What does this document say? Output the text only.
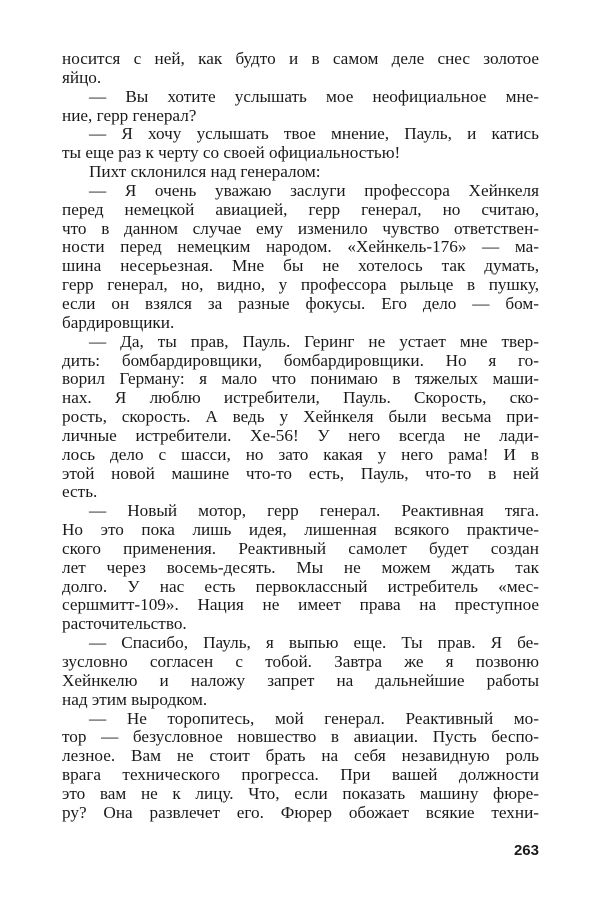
носится с ней, как будто и в самом деле снес золотое
яйцо.
— Вы хотите услышать мое неофициальное мне-
ние, герр генерал?
— Я хочу услышать твое мнение, Пауль, и катись
ты еще раз к черту со своей официальностью!
Пихт склонился над генералом:
— Я очень уважаю заслуги профессора Хейнкеля
перед немецкой авиацией, герр генерал, но считаю,
что в данном случае ему изменило чувство ответствен-
ности перед немецким народом. «Хейнкель-176» — ма-
шина несерьезная. Мне бы не хотелось так думать,
герр генерал, но, видно, у профессора рыльце в пушку,
если он взялся за разные фокусы. Его дело — бом-
бардировщики.
— Да, ты прав, Пауль. Геринг не устает мне твер-
дить: бомбардировщики, бомбардировщики. Но я го-
ворил Герману: я мало что понимаю в тяжелых маши-
нах. Я люблю истребители, Пауль. Скорость, ско-
рость, скорость. А ведь у Хейнкеля были весьма при-
личные истребители. Хе-56! У него всегда не лади-
лось дело с шасси, но зато какая у него рама! И в
этой новой машине что-то есть, Пауль, что-то в ней
есть.
— Новый мотор, герр генерал. Реактивная тяга.
Но это пока лишь идея, лишенная всякого практиче-
ского применения. Реактивный самолет будет создан
лет через восемь-десять. Мы не можем ждать так
долго. У нас есть первоклассный истребитель «мес-
сершмитт-109». Нация не имеет права на преступное
расточительство.
— Спасибо, Пауль, я выпью еще. Ты прав. Я бе-
зусловно согласен с тобой. Завтра же я позвоню
Хейнкелю и наложу запрет на дальнейшие работы
над этим выродком.
— Не торопитесь, мой генерал. Реактивный мо-
тор — безусловное новшество в авиации. Пусть беспо-
лезное. Вам не стоит брать на себя незавидную роль
врага технического прогресса. При вашей должности
это вам не к лицу. Что, если показать машину фюре-
ру? Она развлечет его. Фюрер обожает всякие техни-
263
